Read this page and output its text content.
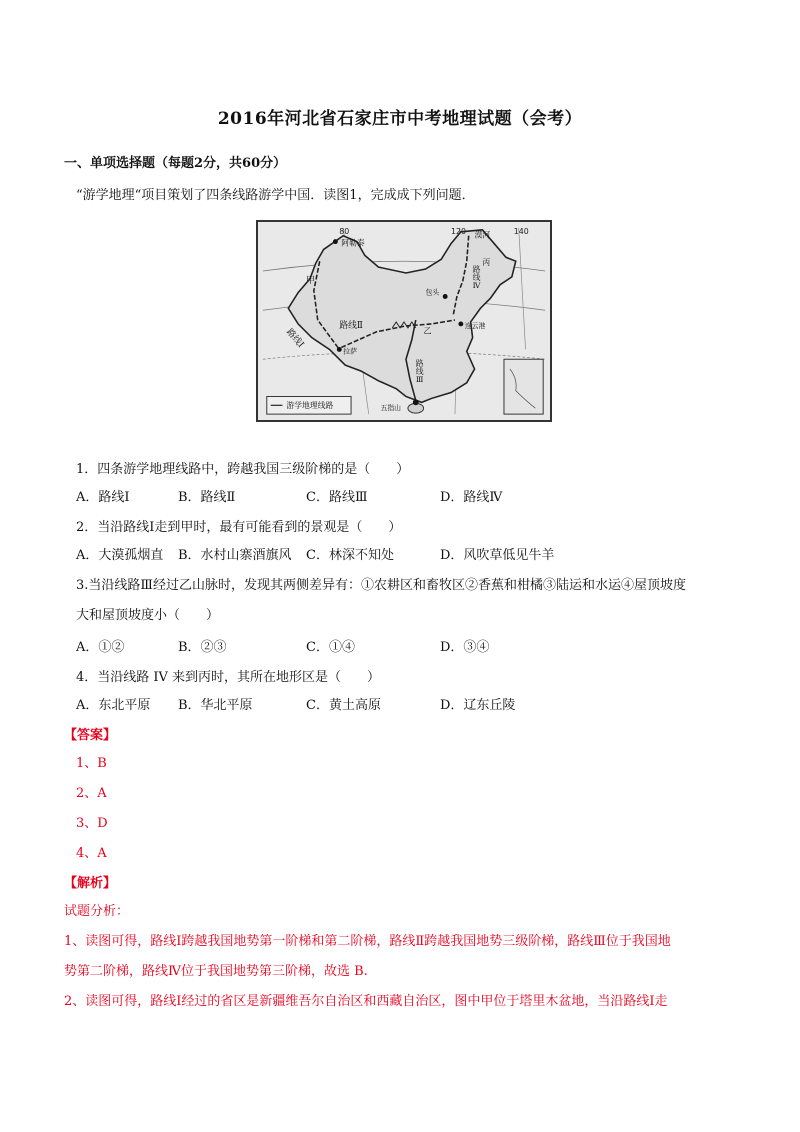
2016年河北省石家庄市中考地理试题（会考）
一、单项选择题（每题2分，共60分）
“游学地理“项目策划了四条线路游学中国．读图1，完成成下列问题．
80	120	140
阿勒泰
漠河
包头
连云港
拉萨
五指山
路线Ⅰ
路线Ⅱ
路线Ⅲ
路线Ⅳ
甲
乙
丙
游学地理线路
1．四条游学地理线路中，跨越我国三级阶梯的是（　　）
A．路线Ⅰ	B．路线Ⅱ	C．路线Ⅲ	D．路线Ⅳ
2．当沿路线Ⅰ走到甲时，最有可能看到的景观是（　　）
A．大漠孤烟直 B．水村山寨酒旗风 C．林深不知处	D．风吹草低见牛羊
3.当沿线路Ⅲ经过乙山脉时，发现其两侧差异有：①农耕区和畜牧区②香蕉和柑橘③陆运和水运④屋顶坡度
大和屋顶坡度小（　　）
A．①②	B．②③	C．①④	D．③④
4．当沿线路 IV 来到丙时，其所在地形区是（　　）
A．东北平原 B．华北平原	C．黄土高原	D．辽东丘陵
【答案】
1、B
2、A
3、D
4、A
【解析】
试题分析：
1、读图可得，路线Ⅰ跨越我国地势第一阶梯和第二阶梯，路线Ⅱ跨越我国地势三级阶梯，路线Ⅲ位于我国地
势第二阶梯，路线Ⅳ位于我国地势第三阶梯，故选 B.
2、读图可得，路线Ⅰ经过的省区是新疆维吾尔自治区和西藏自治区，图中甲位于塔里木盆地，当沿路线Ⅰ走
